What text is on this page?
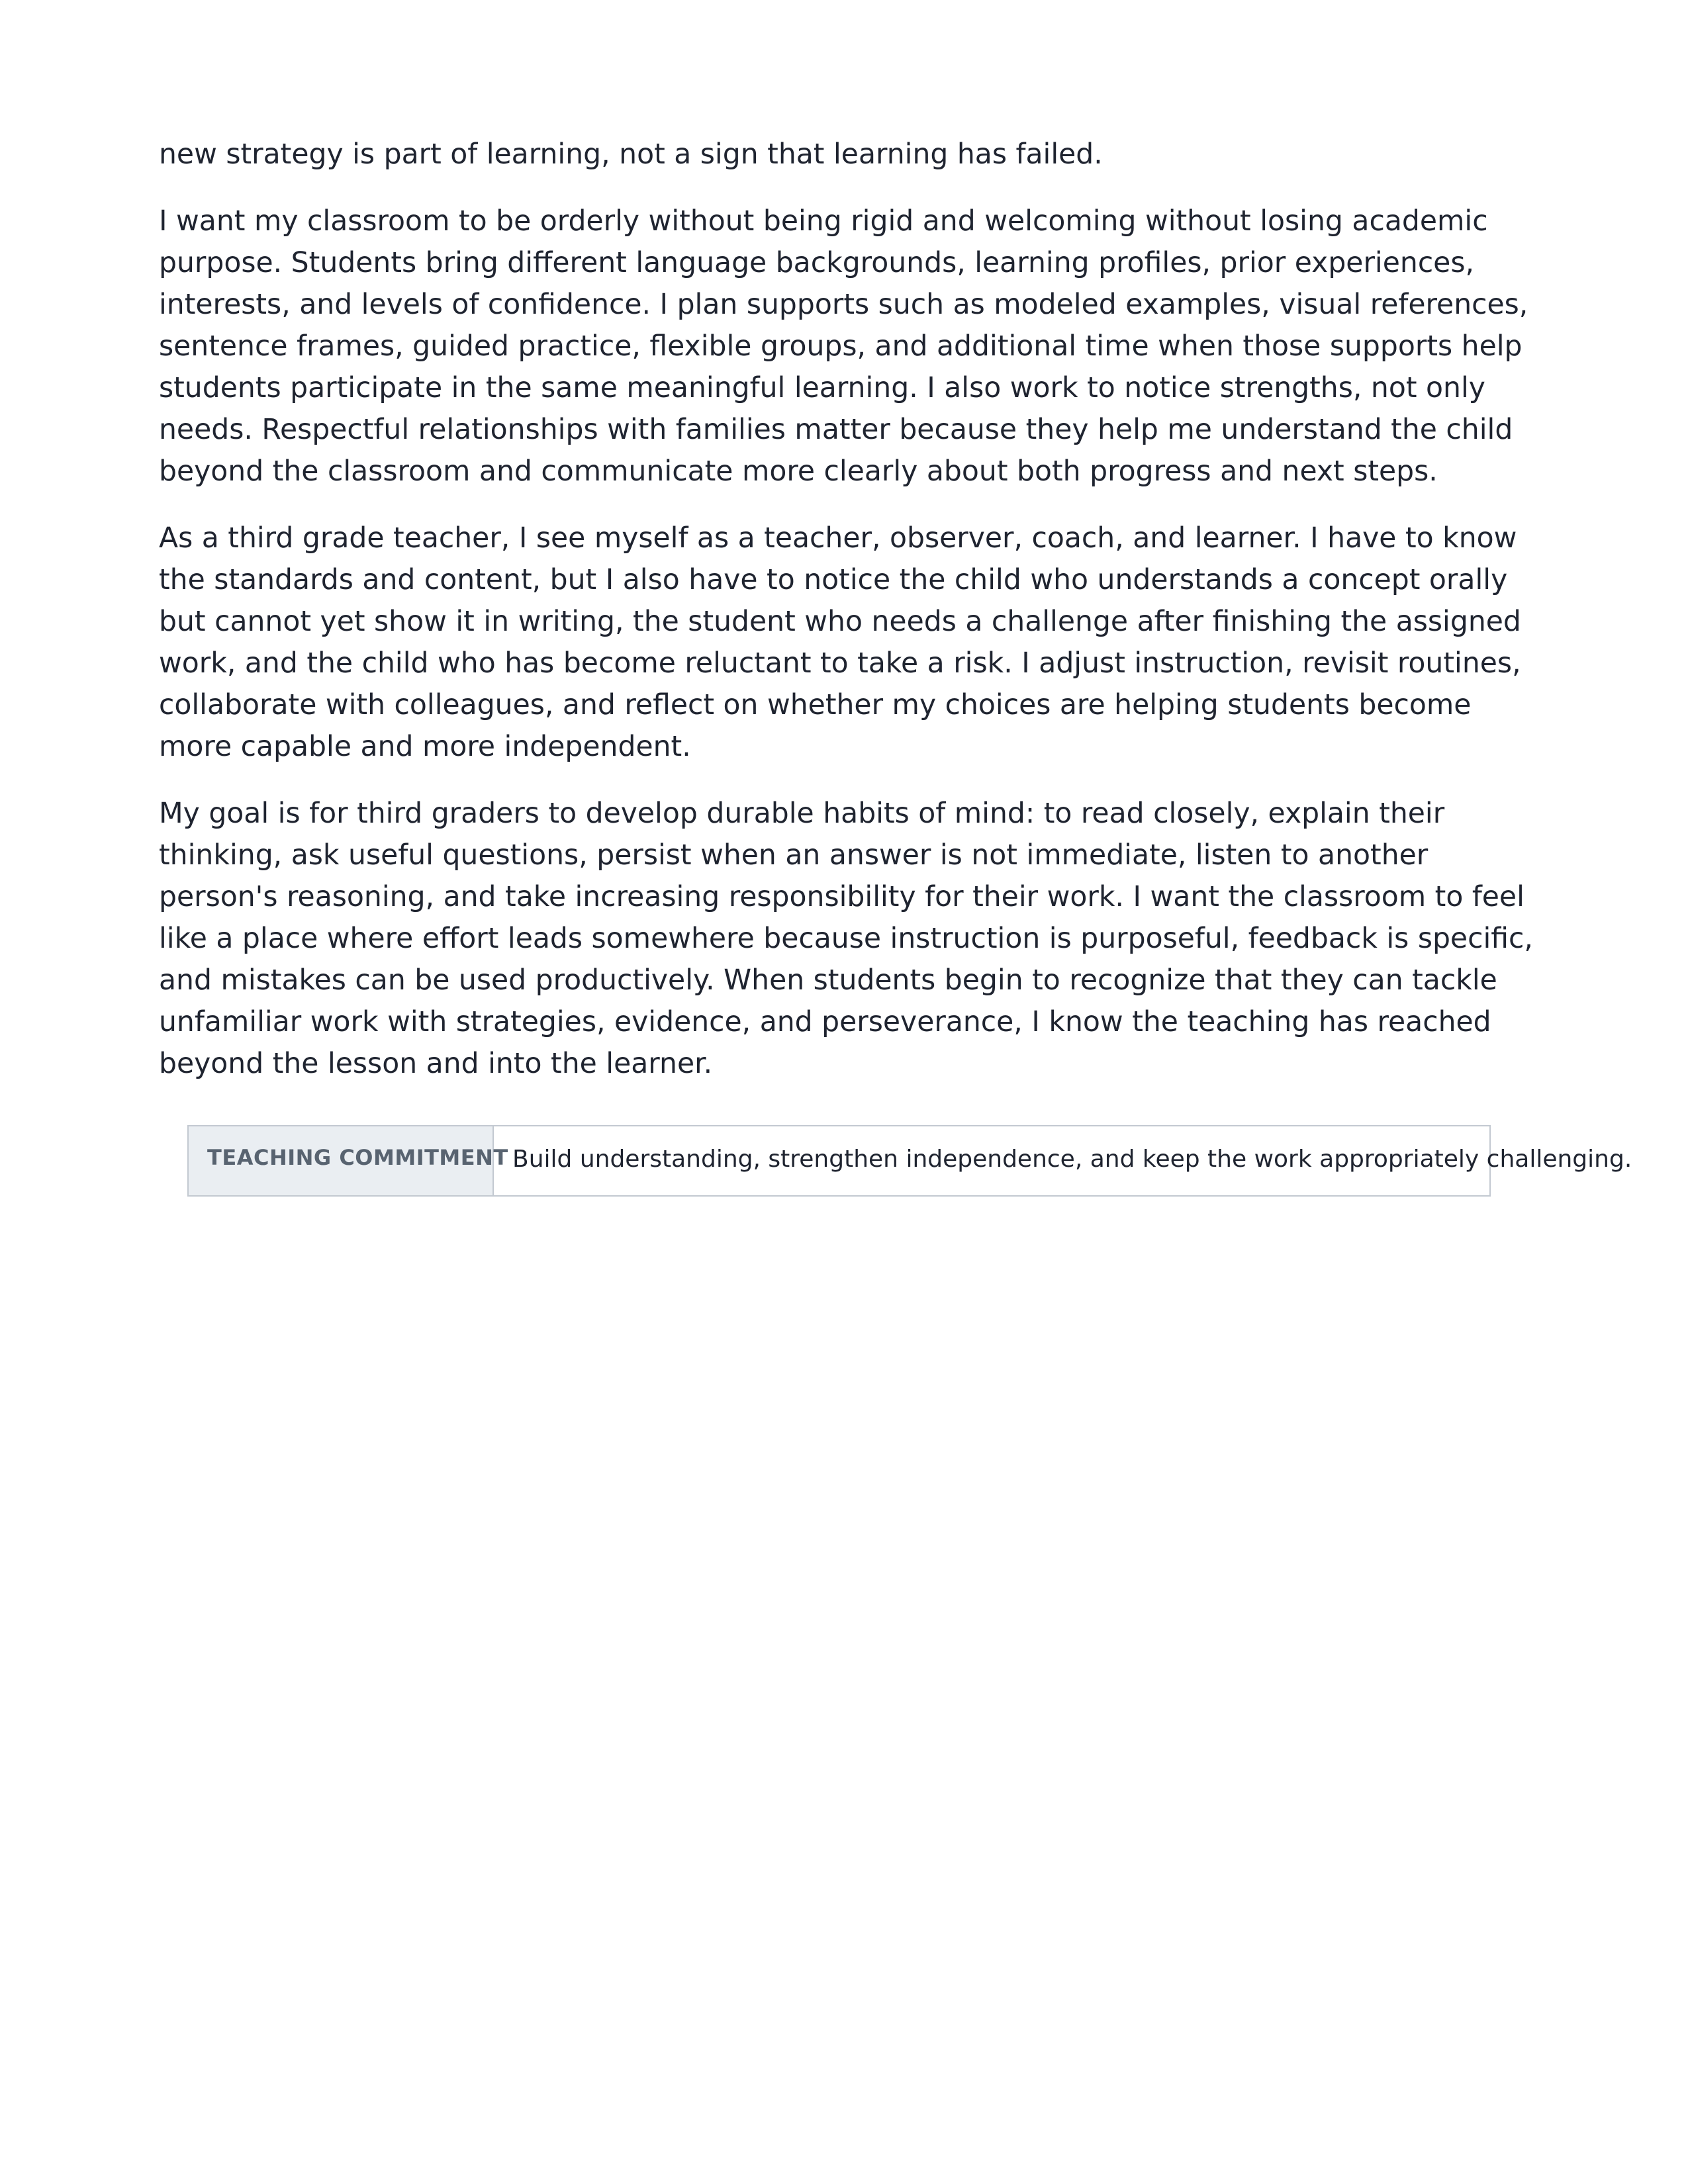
new strategy is part of learning, not a sign that learning has failed.

I want my classroom to be orderly without being rigid and welcoming without losing academic purpose. Students bring different language backgrounds, learning profiles, prior experiences, interests, and levels of confidence. I plan supports such as modeled examples, visual references, sentence frames, guided practice, flexible groups, and additional time when those supports help students participate in the same meaningful learning. I also work to notice strengths, not only needs. Respectful relationships with families matter because they help me understand the child beyond the classroom and communicate more clearly about both progress and next steps.

As a third grade teacher, I see myself as a teacher, observer, coach, and learner. I have to know the standards and content, but I also have to notice the child who understands a concept orally but cannot yet show it in writing, the student who needs a challenge after finishing the assigned work, and the child who has become reluctant to take a risk. I adjust instruction, revisit routines, collaborate with colleagues, and reflect on whether my choices are helping students become more capable and more independent.

My goal is for third graders to develop durable habits of mind: to read closely, explain their thinking, ask useful questions, persist when an answer is not immediate, listen to another person's reasoning, and take increasing responsibility for their work. I want the classroom to feel like a place where effort leads somewhere because instruction is purposeful, feedback is specific, and mistakes can be used productively. When students begin to recognize that they can tackle unfamiliar work with strategies, evidence, and perseverance, I know the teaching has reached beyond the lesson and into the learner.

TEACHING COMMITMENT Build understanding, strengthen independence, and keep the work appropriately challenging.
